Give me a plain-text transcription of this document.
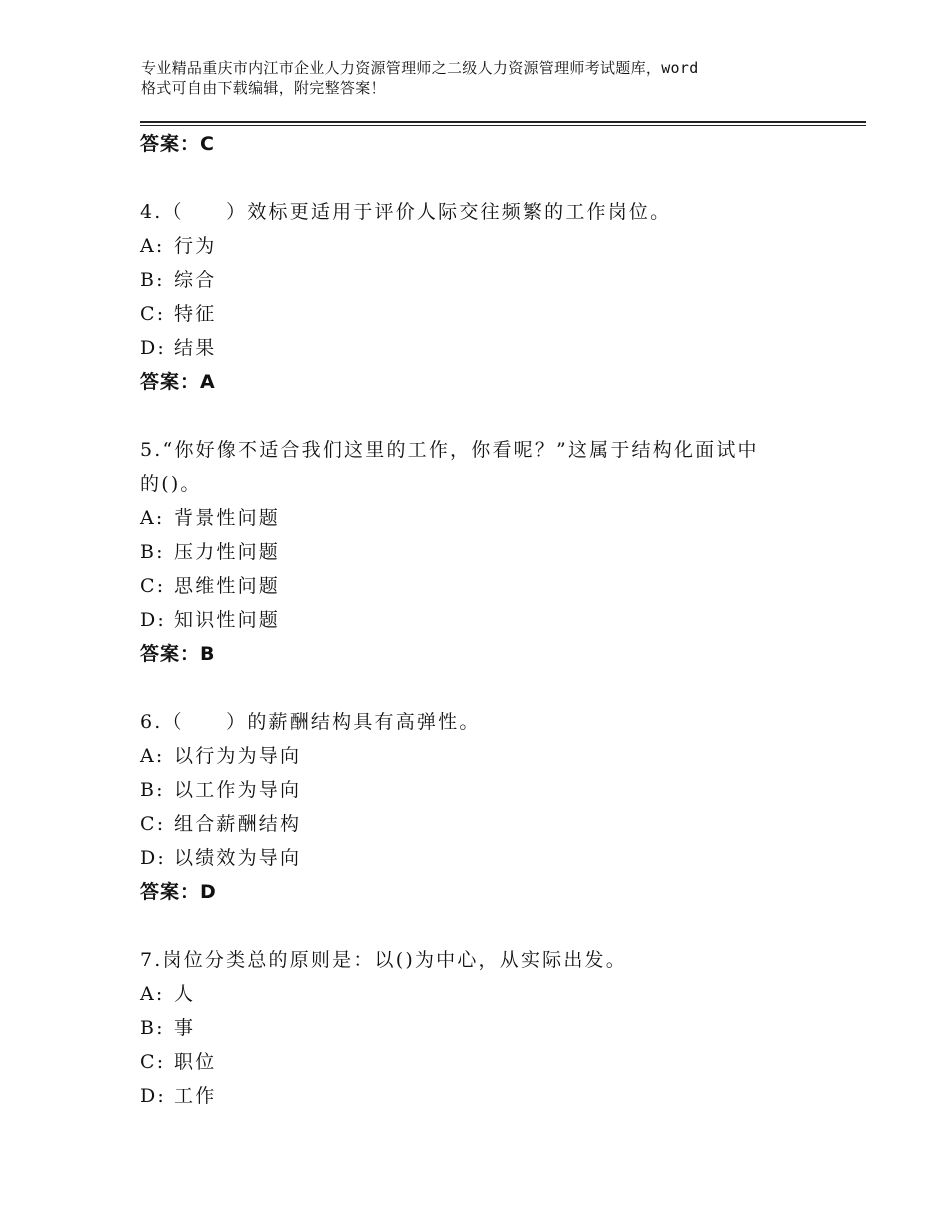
专业精品重庆市内江市企业人力资源管理师之二级人力资源管理师考试题库，word
格式可自由下载编辑，附完整答案！
答案：C
4.（　　）效标更适用于评价人际交往频繁的工作岗位。
A: 行为
B: 综合
C: 特征
D: 结果
答案：A
5.“你好像不适合我们这里的工作，你看呢？”这属于结构化面试中
的()。
A: 背景性问题
B: 压力性问题
C: 思维性问题
D: 知识性问题
答案：B
6.（　　）的薪酬结构具有高弹性。
A: 以行为为导向
B: 以工作为导向
C: 组合薪酬结构
D: 以绩效为导向
答案：D
7.岗位分类总的原则是：以()为中心，从实际出发。
A: 人
B: 事
C: 职位
D: 工作
